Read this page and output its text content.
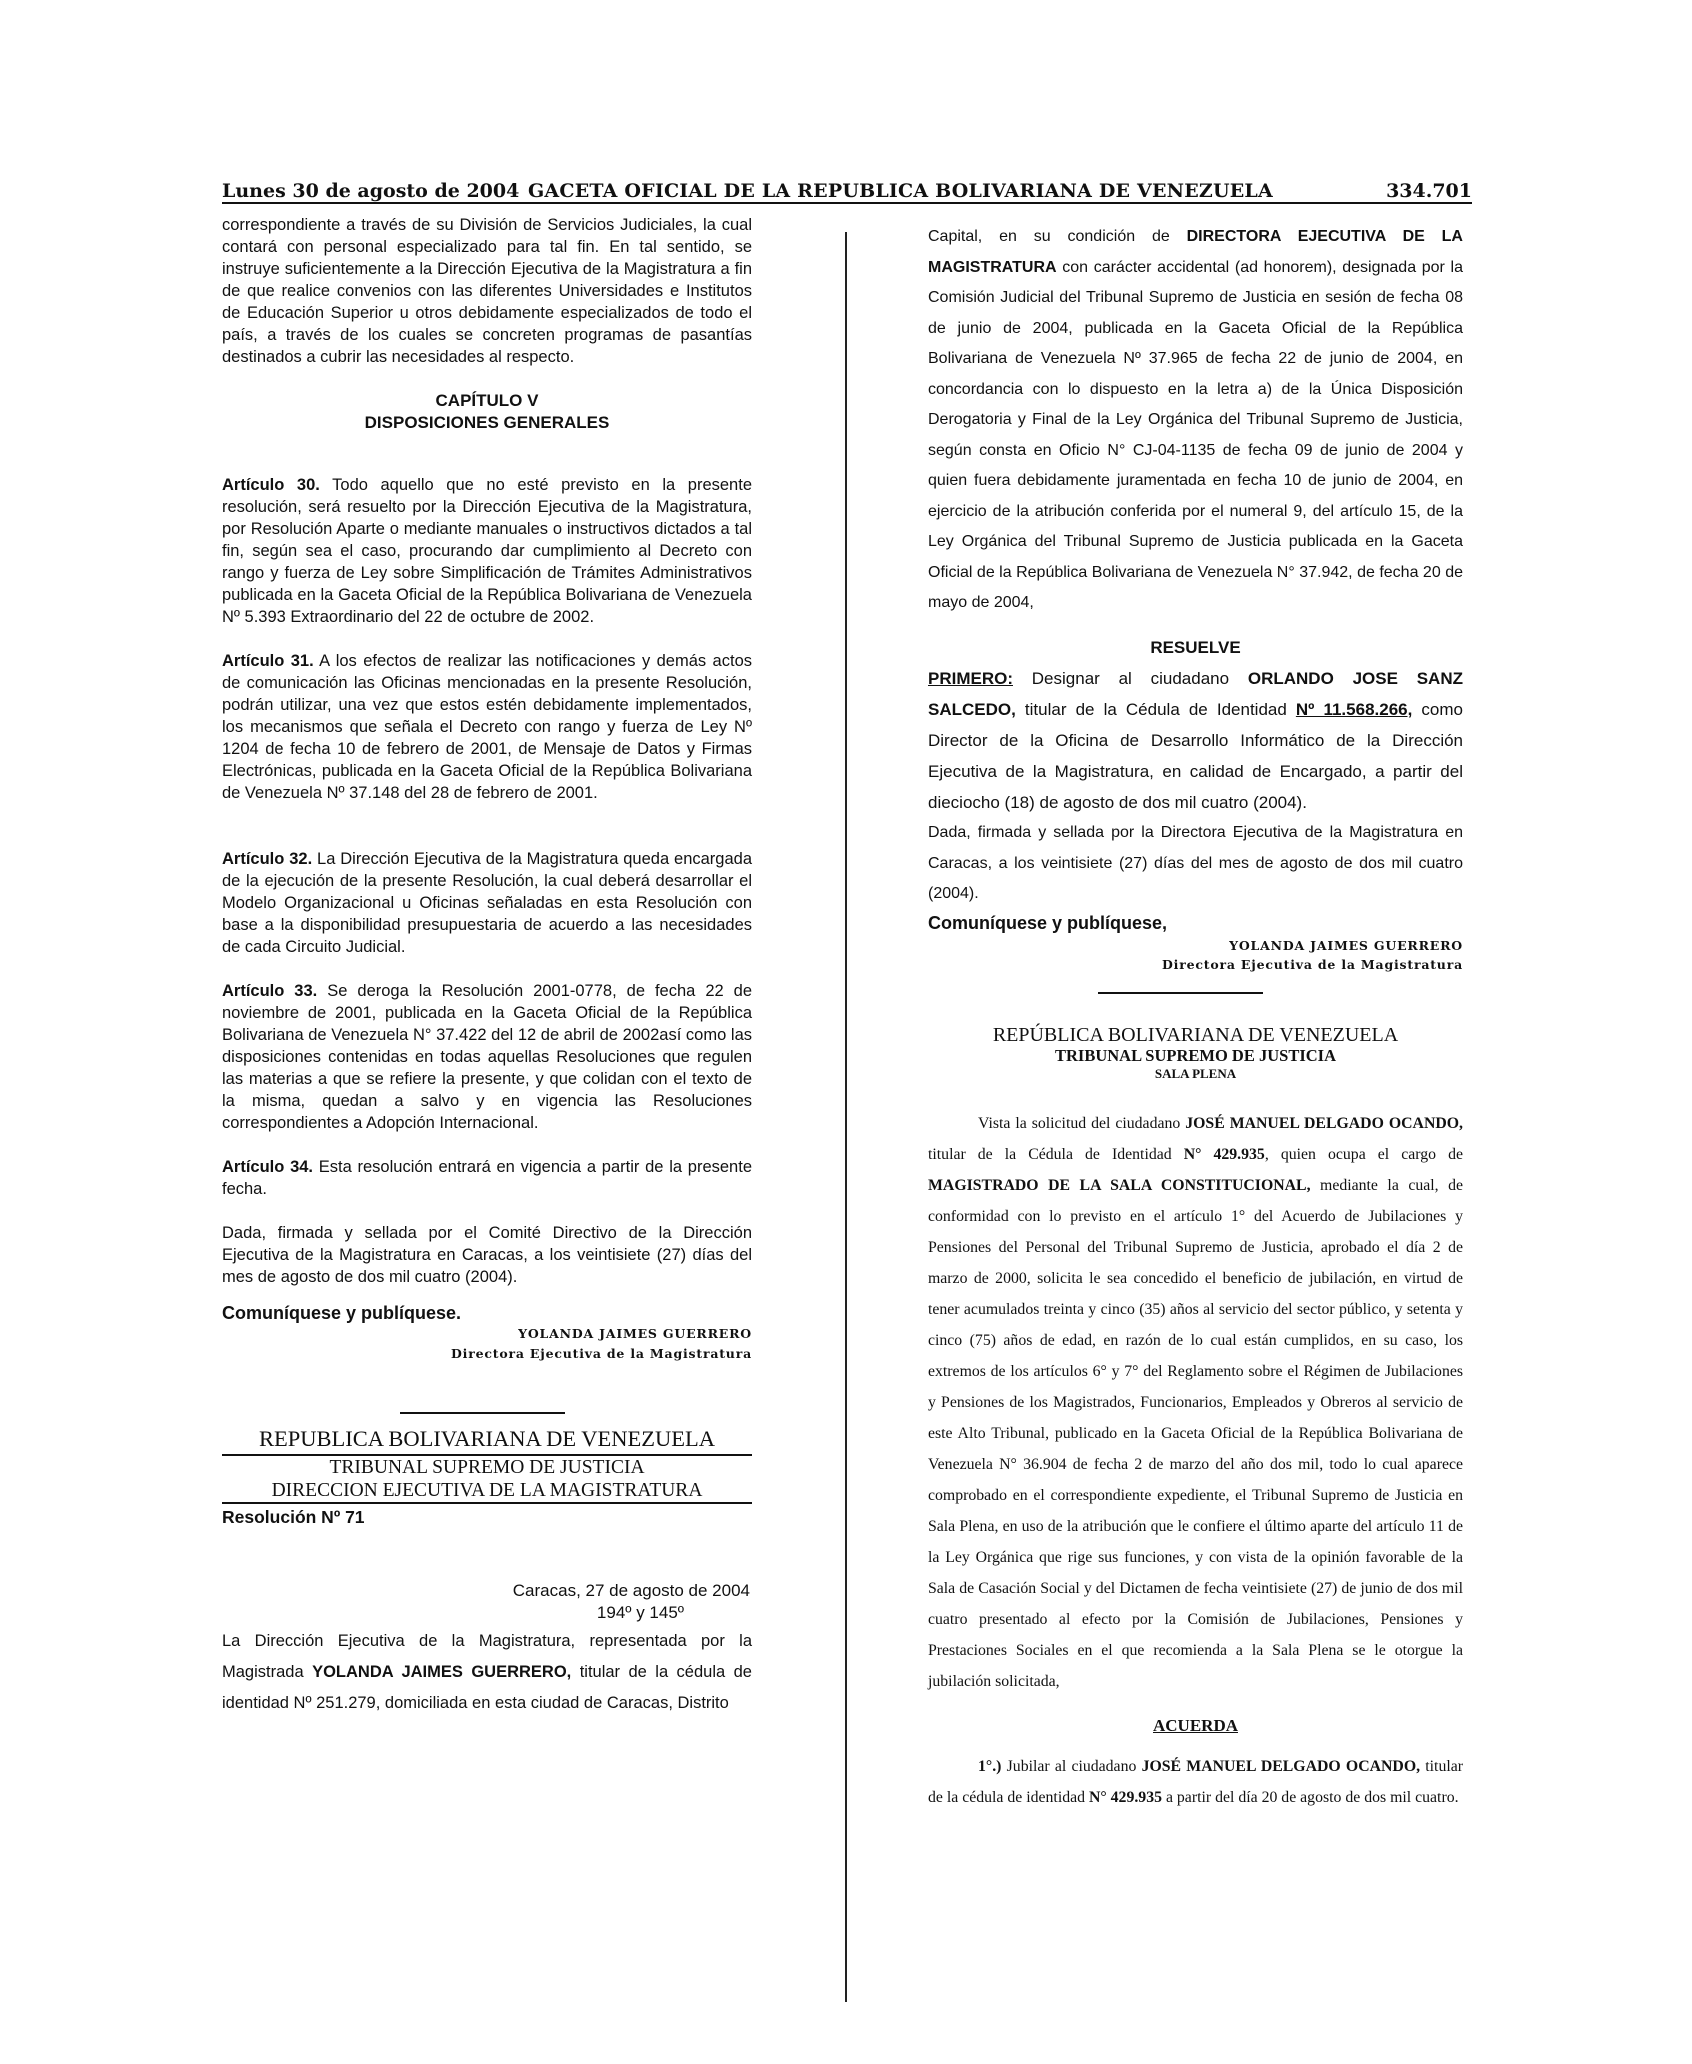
Lunes 30 de agosto de 2004 GACETA OFICIAL DE LA REPUBLICA BOLIVARIANA DE VENEZUELA	334.701

correspondiente a través de su División de Servicios Judiciales, la cual contará con personal especializado para tal fin. En tal sentido, se instruye suficientemente a la Dirección Ejecutiva de la Magistratura a fin de que realice convenios con las diferentes Universidades e Institutos de Educación Superior u otros debidamente especializados de todo el país, a través de los cuales se concreten programas de pasantías destinados a cubrir las necesidades al respecto.

CAPÍTULO V
DISPOSICIONES GENERALES

Artículo 30. Todo aquello que no esté previsto en la presente resolución, será resuelto por la Dirección Ejecutiva de la Magistratura, por Resolución Aparte o mediante manuales o instructivos dictados a tal fin, según sea el caso, procurando dar cumplimiento al Decreto con rango y fuerza de Ley sobre Simplificación de Trámites Administrativos publicada en la Gaceta Oficial de la República Bolivariana de Venezuela Nº 5.393 Extraordinario del 22 de octubre de 2002.

Artículo 31. A los efectos de realizar las notificaciones y demás actos de comunicación las Oficinas mencionadas en la presente Resolución, podrán utilizar, una vez que estos estén debidamente implementados, los mecanismos que señala el Decreto con rango y fuerza de Ley Nº 1204 de fecha 10 de febrero de 2001, de Mensaje de Datos y Firmas Electrónicas, publicada en la Gaceta Oficial de la República Bolivariana de Venezuela Nº 37.148 del 28 de febrero de 2001.

Artículo 32. La Dirección Ejecutiva de la Magistratura queda encargada de la ejecución de la presente Resolución, la cual deberá desarrollar el Modelo Organizacional u Oficinas señaladas en esta Resolución con base a la disponibilidad presupuestaria de acuerdo a las necesidades de cada Circuito Judicial.

Artículo 33. Se deroga la Resolución 2001-0778, de fecha 22 de noviembre de 2001, publicada en la Gaceta Oficial de la República Bolivariana de Venezuela N° 37.422 del 12 de abril de 2002así como las disposiciones contenidas en todas aquellas Resoluciones que regulen las materias a que se refiere la presente, y que colidan con el texto de la misma, quedan a salvo y en vigencia las Resoluciones correspondientes a Adopción Internacional.

Artículo 34. Esta resolución entrará en vigencia a partir de la presente fecha.

Dada, firmada y sellada por el Comité Directivo de la Dirección Ejecutiva de la Magistratura en Caracas, a los veintisiete (27) días del mes de agosto de dos mil cuatro (2004).

Comuníquese y publíquese.
YOLANDA JAIMES GUERRERO
Directora Ejecutiva de la Magistratura
REPUBLICA BOLIVARIANA DE VENEZUELA
TRIBUNAL SUPREMO DE JUSTICIA
DIRECCION EJECUTIVA DE LA MAGISTRATURA
Resolución Nº 71
Caracas, 27 de agosto de 2004
194º y 145º

La Dirección Ejecutiva de la Magistratura, representada por la Magistrada YOLANDA JAIMES GUERRERO, titular de la cédula de identidad Nº 251.279, domiciliada en esta ciudad de Caracas, Distrito

Capital, en su condición de DIRECTORA EJECUTIVA DE LA MAGISTRATURA con carácter accidental (ad honorem), designada por la Comisión Judicial del Tribunal Supremo de Justicia en sesión de fecha 08 de junio de 2004, publicada en la Gaceta Oficial de la República Bolivariana de Venezuela Nº 37.965 de fecha 22 de junio de 2004, en concordancia con lo dispuesto en la letra a) de la Única Disposición Derogatoria y Final de la Ley Orgánica del Tribunal Supremo de Justicia, según consta en Oficio N° CJ-04-1135 de fecha 09 de junio de 2004 y quien fuera debidamente juramentada en fecha 10 de junio de 2004, en ejercicio de la atribución conferida por el numeral 9, del artículo 15, de la Ley Orgánica del Tribunal Supremo de Justicia publicada en la Gaceta Oficial de la República Bolivariana de Venezuela N° 37.942, de fecha 20 de mayo de 2004,

RESUELVE

PRIMERO: Designar al ciudadano ORLANDO JOSE SANZ SALCEDO, titular de la Cédula de Identidad Nº 11.568.266, como Director de la Oficina de Desarrollo Informático de la Dirección Ejecutiva de la Magistratura, en calidad de Encargado, a partir del dieciocho (18) de agosto de dos mil cuatro (2004).

Dada, firmada y sellada por la Directora Ejecutiva de la Magistratura en Caracas, a los veintisiete (27) días del mes de agosto de dos mil cuatro (2004).

Comuníquese y publíquese,
YOLANDA JAIMES GUERRERO
Directora Ejecutiva de la Magistratura
REPÚBLICA BOLIVARIANA DE VENEZUELA
TRIBUNAL SUPREMO DE JUSTICIA
SALA PLENA

Vista la solicitud del ciudadano JOSÉ MANUEL DELGADO OCANDO, titular de la Cédula de Identidad N° 429.935, quien ocupa el cargo de MAGISTRADO DE LA SALA CONSTITUCIONAL, mediante la cual, de conformidad con lo previsto en el artículo 1° del Acuerdo de Jubilaciones y Pensiones del Personal del Tribunal Supremo de Justicia, aprobado el día 2 de marzo de 2000, solicita le sea concedido el beneficio de jubilación, en virtud de tener acumulados treinta y cinco (35) años al servicio del sector público, y setenta y cinco (75) años de edad, en razón de lo cual están cumplidos, en su caso, los extremos de los artículos 6° y 7° del Reglamento sobre el Régimen de Jubilaciones y Pensiones de los Magistrados, Funcionarios, Empleados y Obreros al servicio de este Alto Tribunal, publicado en la Gaceta Oficial de la República Bolivariana de Venezuela N° 36.904 de fecha 2 de marzo del año dos mil, todo lo cual aparece comprobado en el correspondiente expediente, el Tribunal Supremo de Justicia en Sala Plena, en uso de la atribución que le confiere el último aparte del artículo 11 de la Ley Orgánica que rige sus funciones, y con vista de la opinión favorable de la Sala de Casación Social y del Dictamen de fecha veintisiete (27) de junio de dos mil cuatro presentado al efecto por la Comisión de Jubilaciones, Pensiones y Prestaciones Sociales en el que recomienda a la Sala Plena se le otorgue la jubilación solicitada,

ACUERDA

1°.) Jubilar al ciudadano JOSÉ MANUEL DELGADO OCANDO, titular de la cédula de identidad N° 429.935 a partir del día 20 de agosto de dos mil cuatro.
